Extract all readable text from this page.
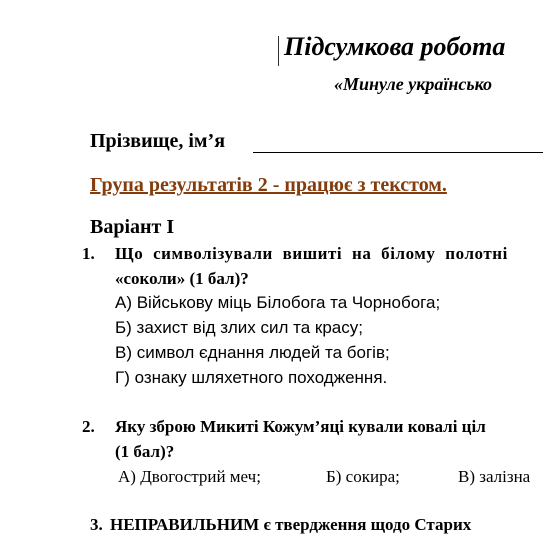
Підсумкова робота
«Минуле українсько
Прізвище, ім’я
Група результатів 2 - працює з текстом.
Варіант І
1. Що символізували вишиті на білому полотні
«соколи» (1 бал)?
А) Військову міць Білобога та Чорнобога;
Б) захист від злих сил та красу;
В) символ єднання людей та богів;
Г) ознаку шляхетного походження.
2. Яку зброю Микиті Кожум’яці кували ковалі ціл
(1 бал)?
А) Двогострий меч;	Б) сокира;	В) залізна
3. НЕПРАВИЛЬНИМ є твердження щодо Старих
